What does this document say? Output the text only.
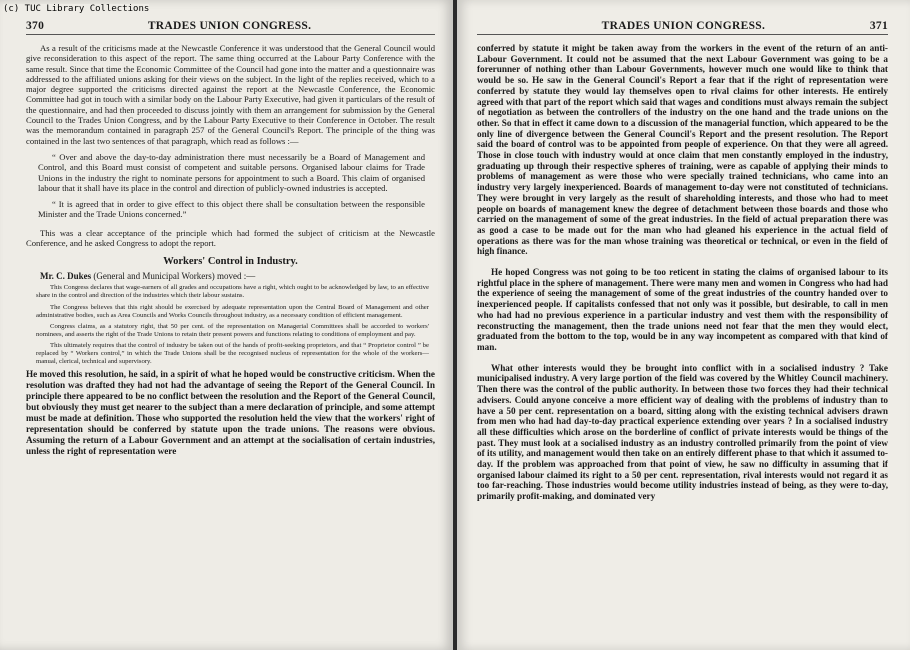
(c) TUC Library Collections
370	TRADES UNION CONGRESS.

As a result of the criticisms made at the Newcastle Conference it was understood that the General Council would give reconsideration to this aspect of the report. The same thing occurred at the Labour Party Conference with the same result. Since that time the Economic Committee of the Council had gone into the matter and a questionnaire was addressed to the affiliated unions asking for their views on the subject. In the light of the replies received, which to a major degree supported the criticisms directed against the report at the Newcastle Conference, the Economic Committee had got in touch with a similar body on the Labour Party Executive, had given it particulars of the result of the questionnaire, and had then proceeded to discuss jointly with them an arrangement for submission by the General Council to the Trades Union Congress, and by the Labour Party Executive to their Conference in October. The result was the memorandum contained in paragraph 257 of the General Council's Report. The principle of the thing was contained in the last two sentences of that paragraph, which read as follows :—

“ Over and above the day-to-day administration there must necessarily be a Board of Management and Control, and this Board must consist of competent and suitable persons. Organised labour claims for Trade Unions in the industry the right to nominate persons for appointment to such a Board. This claim of organised labour that it shall have its place in the control and direction of publicly-owned industries is accepted.

“ It is agreed that in order to give effect to this object there shall be consultation between the responsible Minister and the Trade Unions concerned.”

This was a clear acceptance of the principle which had formed the subject of criticism at the Newcastle Conference, and he asked Congress to adopt the report.

Workers' Control in Industry.
Mr. C. Dukes (General and Municipal Workers) moved :—

This Congress declares that wage-earners of all grades and occupations have a right, which ought to be acknowledged by law, to an effective share in the control and direction of the industries which their labour sustains.

The Congress believes that this right should be exercised by adequate representation upon the Central Board of Management and other administrative bodies, such as Area Councils and Works Councils throughout industry, as a necessary condition of efficient management.

Congress claims, as a statutory right, that 50 per cent. of the representation on Managerial Committees shall be accorded to workers' nominees, and asserts the right of the Trade Unions to retain their present powers and functions relating to conditions of employment and pay.

This ultimately requires that the control of industry be taken out of the hands of profit-seeking proprietors, and that “ Proprietor control ” be replaced by “ Workers control,” in which the Trade Unions shall be the recognised nucleus of representation for the whole of the workers—manual, clerical, technical and supervisory.

He moved this resolution, he said, in a spirit of what he hoped would be constructive criticism. When the resolution was drafted they had not had the advantage of seeing the Report of the General Council. In principle there appeared to be no conflict between the resolution and the Report of the General Council, but obviously they must get nearer to the subject than a mere declaration of principle, and some attempt must be made at definition. Those who supported the resolution held the view that the workers' right of representation should be conferred by statute upon the trade unions. The reasons were obvious. Assuming the return of a Labour Government and an attempt at the socialisation of certain industries, unless the right of representation were

TRADES UNION CONGRESS.	371

conferred by statute it might be taken away from the workers in the event of the return of an anti-Labour Government. It could not be assumed that the next Labour Government was going to be a forerunner of nothing other than Labour Governments, however much one would like to think that would be so. He saw in the General Council's Report a fear that if the right of representation were conferred by statute they would lay themselves open to rival claims for other interests. He entirely agreed with that part of the report which said that wages and conditions must always remain the subject of negotiation as between the controllers of the industry on the one hand and the trade unions on the other. So that in effect it came down to a discussion of the managerial function, which appeared to be the only line of divergence between the General Council's Report and the present resolution. The Report said the board of control was to be appointed from people of experience. On that they were all agreed. Those in close touch with industry would at once claim that men constantly employed in the industry, graduating up through their respective spheres of training, were as capable of applying their minds to problems of management as were those who were specially trained technicians, who came into an industry very largely inexperienced. Boards of management to-day were not constituted of technicians. They were brought in very largely as the result of shareholding interests, and those who had to meet people on boards of management knew the degree of detachment between those boards and those who carried on the management of some of the great industries. In the field of actual preparation there was as good a case to be made out for the man who had gleaned his experience in the actual field of operations as there was for the man whose training was theoretical or technical, or even in the field of high finance.

He hoped Congress was not going to be too reticent in stating the claims of organised labour to its rightful place in the sphere of management. There were many men and women in Congress who had had the experience of seeing the management of some of the great industries of the country handed over to inexperienced people. If capitalists confessed that not only was it possible, but desirable, to call in men who had had no previous experience in a particular industry and vest them with the responsibility of reconstructing the management, then the trade unions need not fear that the men they would elect, graduated from the bottom to the top, would be in any way incompetent as compared with that kind of man.

What other interests would they be brought into conflict with in a socialised industry ? Take municipalised industry. A very large portion of the field was covered by the Whitley Council machinery. Then there was the control of the public authority. In between those two forces they had their technical advisers. Could anyone conceive a more efficient way of dealing with the problems of industry than to have a 50 per cent. representation on a board, sitting along with the existing technical advisers drawn from men who had had day-to-day practical experience extending over years ? In a socialised industry all these difficulties which arose on the borderline of conflict of private interests would be things of the past. They must look at a socialised industry as an industry controlled primarily from the point of view of its utility, and management would then take on an entirely different phase to that which it assumed to-day. If the problem was approached from that point of view, he saw no difficulty in assuming that if organised labour claimed its right to a 50 per cent. representation, rival interests would not regard it as too far-reaching. Those industries would become utility industries instead of being, as they were to-day, primarily profit-making, and dominated very
